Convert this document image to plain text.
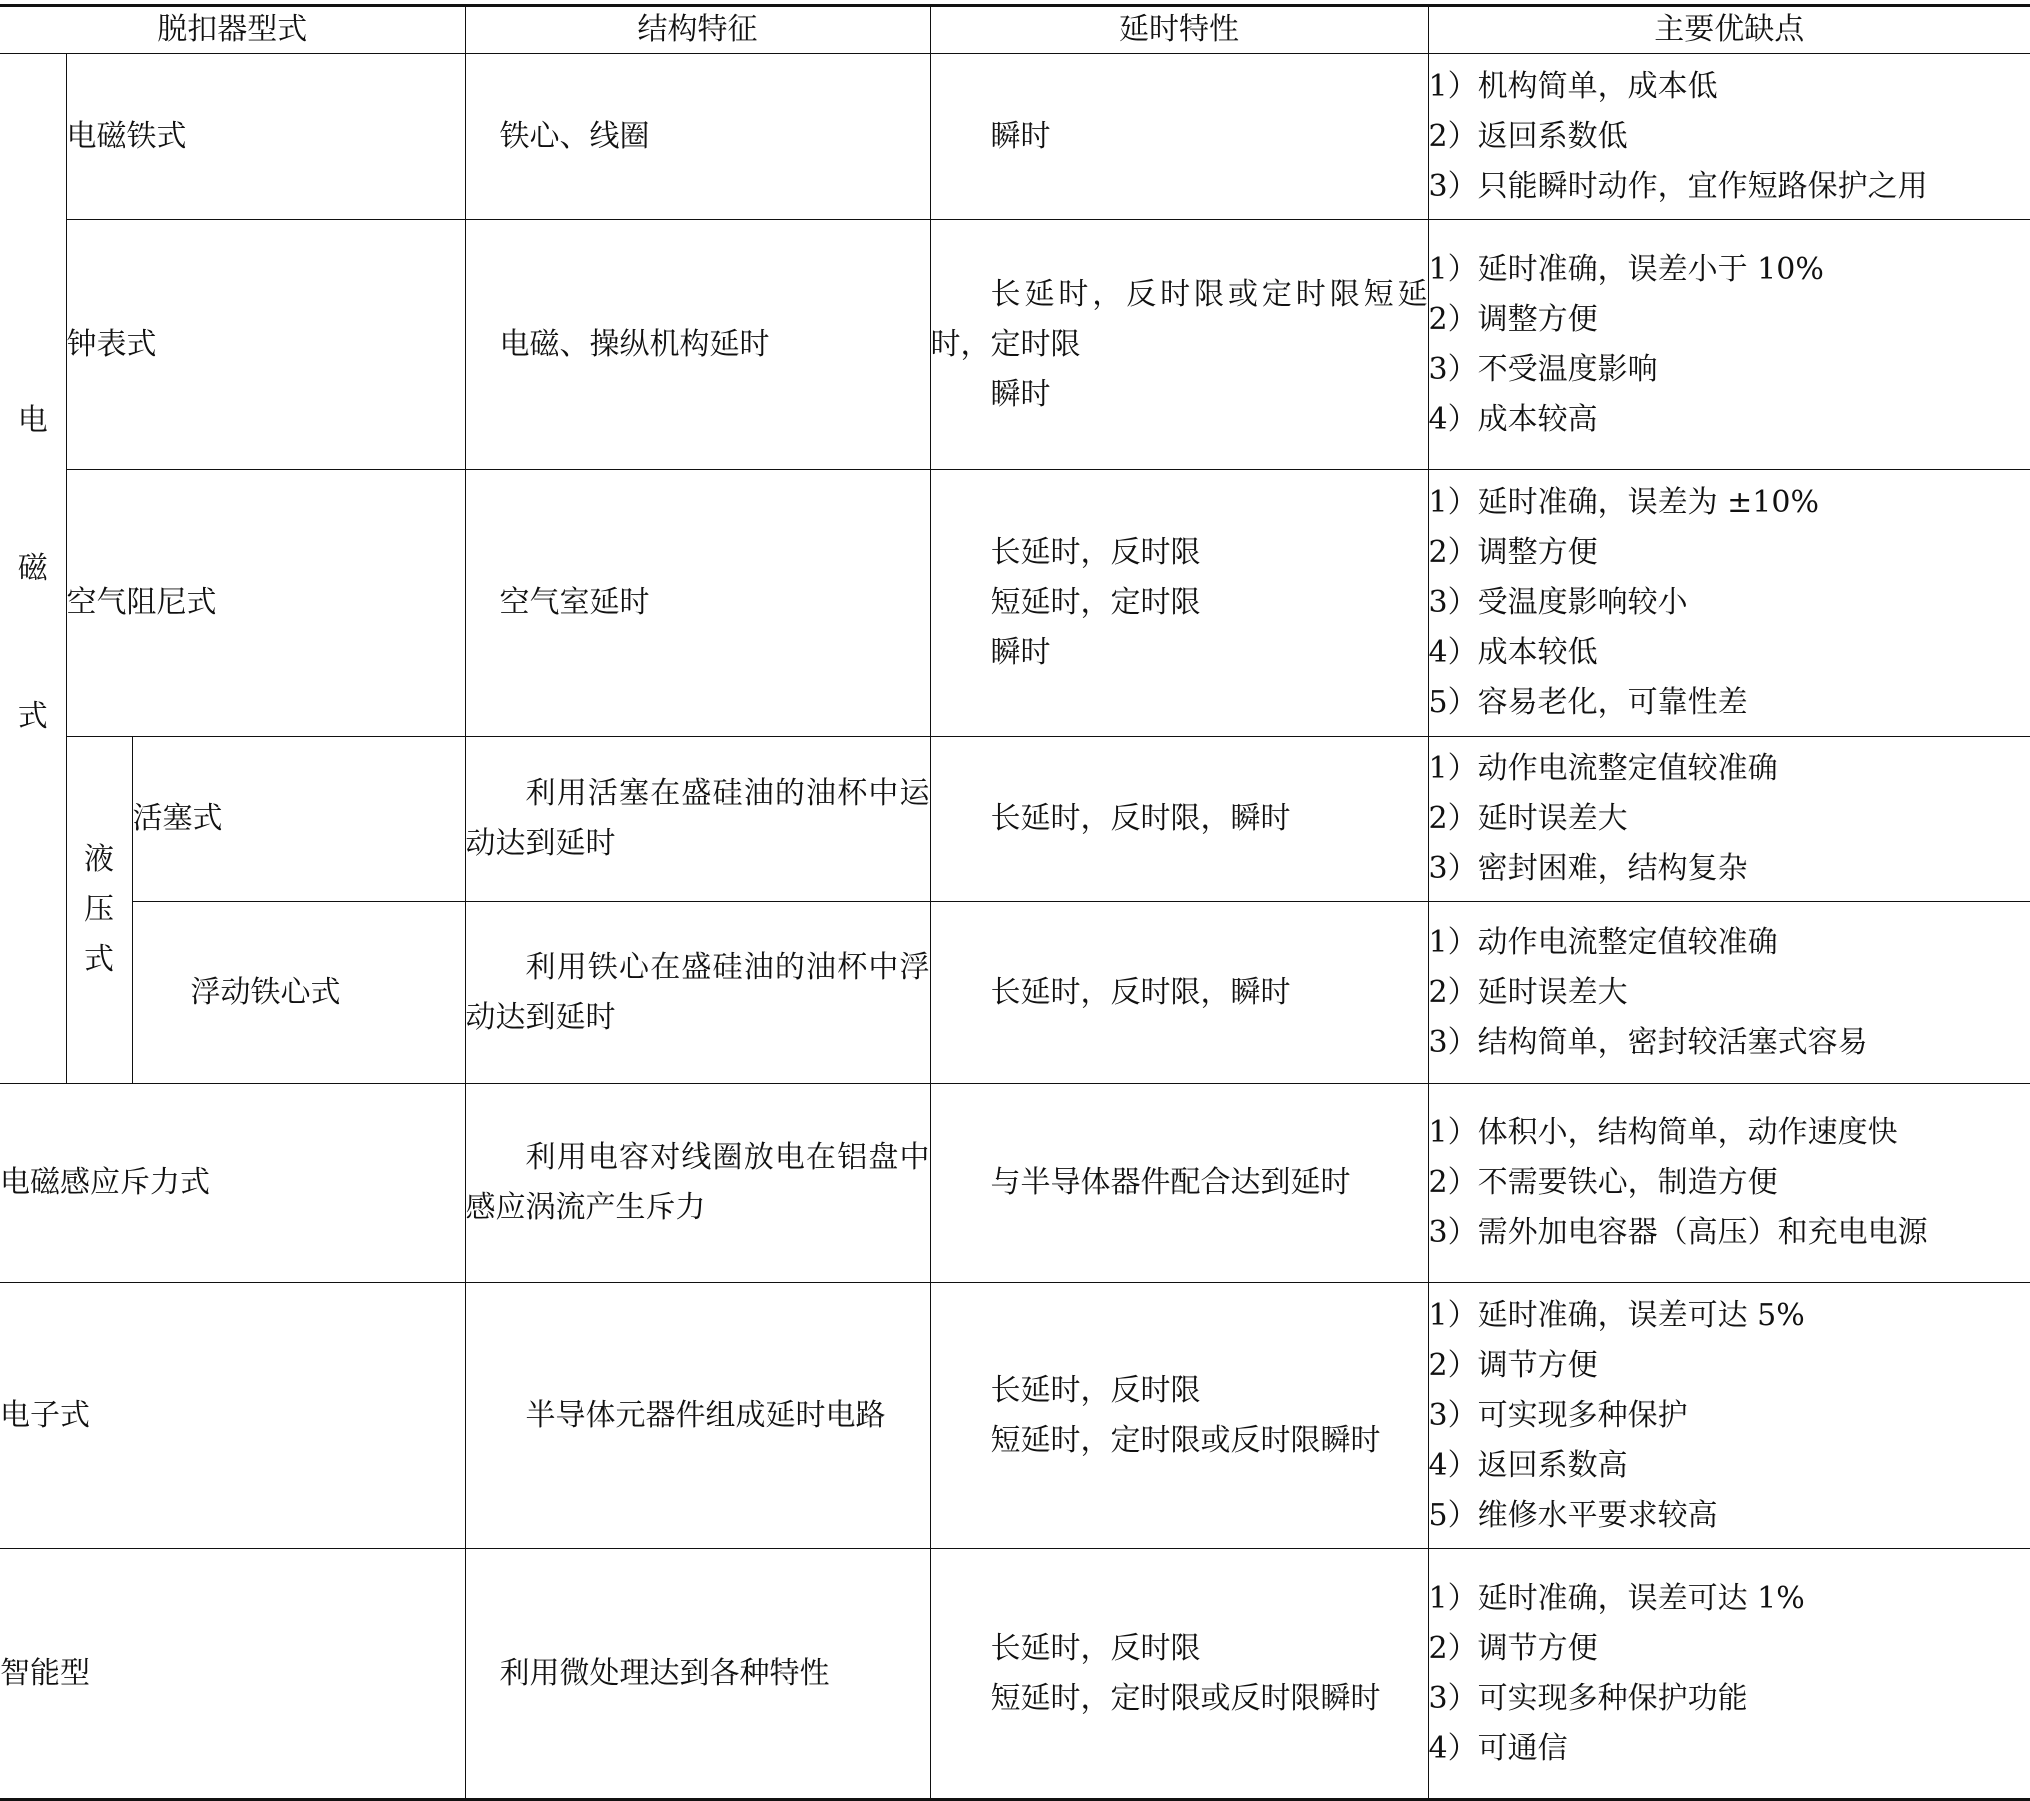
脱扣器型式			结构特征	延时特性	主要优缺点

电
磁
式	电磁铁式		铁心、线圈	瞬时	1）机构简单，成本低
2）返回系数低
3）只能瞬时动作，宜作短路保护之用

	钟表式		电磁、操纵机构延时	长延时，反时限或定时限短延时，定时限
瞬时	1）延时准确，误差小于 10%
2）调整方便
3）不受温度影响
4）成本较高

	空气阻尼式		空气室延时	长延时，反时限
短延时，定时限
瞬时	1）延时准确，误差为 ±10%
2）调整方便
3）受温度影响较小
4）成本较低
5）容易老化，可靠性差

	液
压
式	活塞式	利用活塞在盛硅油的油杯中运动达到延时	长延时，反时限，瞬时	1）动作电流整定值较准确
2）延时误差大
3）密封困难，结构复杂

		浮动铁心式	利用铁心在盛硅油的油杯中浮动达到延时	长延时，反时限，瞬时	1）动作电流整定值较准确
2）延时误差大
3）结构简单，密封较活塞式容易

电磁感应斥力式			利用电容对线圈放电在铝盘中感应涡流产生斥力	与半导体器件配合达到延时	1）体积小，结构简单，动作速度快
2）不需要铁心，制造方便
3）需外加电容器（高压）和充电电源

电子式			半导体元器件组成延时电路	长延时，反时限
短延时，定时限或反时限瞬时	1）延时准确，误差可达 5%
2）调节方便
3）可实现多种保护
4）返回系数高
5）维修水平要求较高

智能型			利用微处理达到各种特性	长延时，反时限
短延时，定时限或反时限瞬时	1）延时准确，误差可达 1%
2）调节方便
3）可实现多种保护功能
4）可通信
